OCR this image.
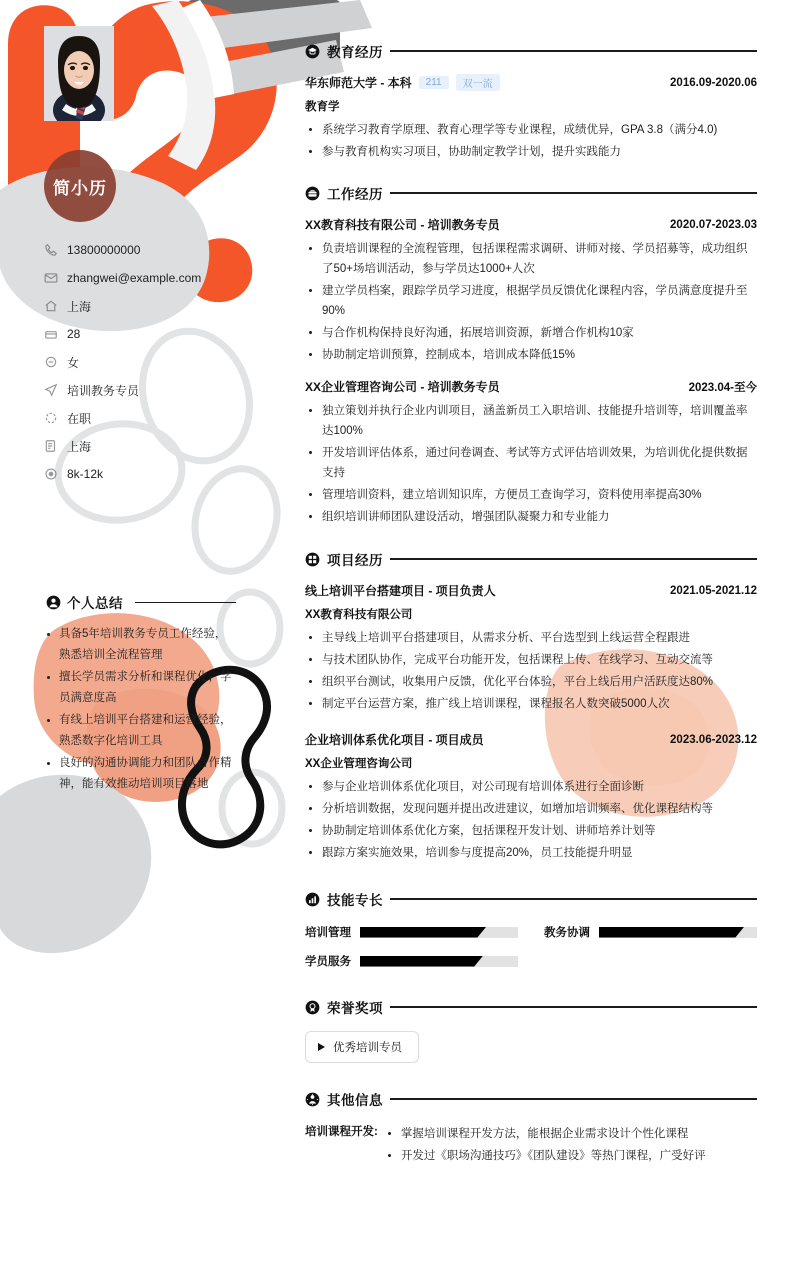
简小历
13800000000
zhangwei@example.com
上海
28
女
培训教务专员
在职
上海
8k-12k
个人总结
具备5年培训教务专员工作经验，熟悉培训全流程管理
擅长学员需求分析和课程优化，学员满意度高
有线上培训平台搭建和运营经验，熟悉数字化培训工具
良好的沟通协调能力和团队合作精神，能有效推动培训项目落地
教育经历
华东师范大学 - 本科	211	双一流	2016.09-2020.06
教育学
系统学习教育学原理、教育心理学等专业课程，成绩优异，GPA 3.8（满分4.0)
参与教育机构实习项目，协助制定教学计划，提升实践能力
工作经历
XX教育科技有限公司 - 培训教务专员	2020.07-2023.03
负责培训课程的全流程管理，包括课程需求调研、讲师对接、学员招募等，成功组织了50+场培训活动，参与学员达1000+人次
建立学员档案，跟踪学员学习进度，根据学员反馈优化课程内容，学员满意度提升至90%
与合作机构保持良好沟通，拓展培训资源，新增合作机构10家
协助制定培训预算，控制成本，培训成本降低15%
XX企业管理咨询公司 - 培训教务专员	2023.04-至今
独立策划并执行企业内训项目，涵盖新员工入职培训、技能提升培训等，培训覆盖率达100%
开发培训评估体系，通过问卷调查、考试等方式评估培训效果，为培训优化提供数据支持
管理培训资料，建立培训知识库，方便员工查询学习，资料使用率提高30%
组织培训讲师团队建设活动，增强团队凝聚力和专业能力
项目经历
线上培训平台搭建项目 - 项目负责人	2021.05-2021.12
XX教育科技有限公司
主导线上培训平台搭建项目，从需求分析、平台选型到上线运营全程跟进
与技术团队协作，完成平台功能开发，包括课程上传、在线学习、互动交流等
组织平台测试，收集用户反馈，优化平台体验，平台上线后用户活跃度达80%
制定平台运营方案，推广线上培训课程，课程报名人数突破5000人次
企业培训体系优化项目 - 项目成员	2023.06-2023.12
XX企业管理咨询公司
参与企业培训体系优化项目，对公司现有培训体系进行全面诊断
分析培训数据，发现问题并提出改进建议，如增加培训频率、优化课程结构等
协助制定培训体系优化方案，包括课程开发计划、讲师培养计划等
跟踪方案实施效果，培训参与度提高20%，员工技能提升明显
技能专长
培训管理	教务协调
学员服务
荣誉奖项
优秀培训专员
其他信息
培训课程开发:	掌握培训课程开发方法，能根据企业需求设计个性化课程
开发过《职场沟通技巧》《团队建设》等热门课程，广受好评
